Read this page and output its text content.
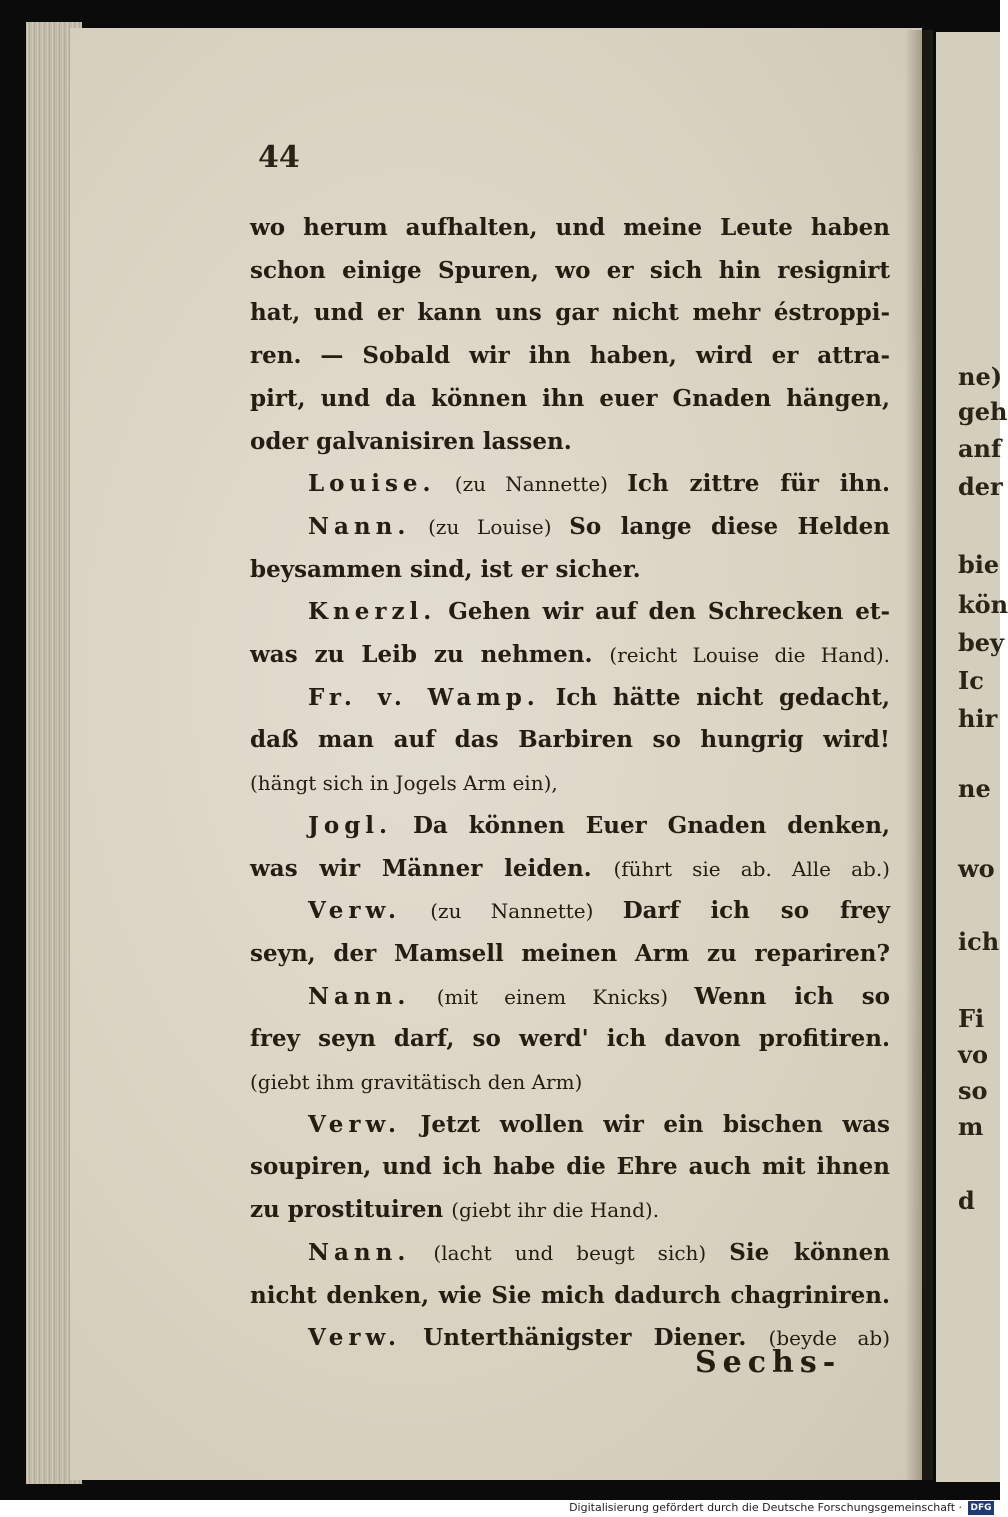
ne)
geh
anf
der
bie
kön
bey
Ic
hir
ne
wo
ich
Fi
vo
so
m
d
44
wo herum aufhalten, und meine Leute haben
schon einige Spuren, wo er sich hin resignirt
hat, und er kann uns gar nicht mehr éstroppi-
ren. — Sobald wir ihn haben, wird er attra-
pirt, und da können ihn euer Gnaden hängen,
oder galvanisiren lassen.
Louise. (zu Nannette) Ich zittre für ihn.
Nann. (zu Louise) So lange diese Helden
beysammen sind, ist er sicher.
Knerzl. Gehen wir auf den Schrecken et-
was zu Leib zu nehmen. (reicht Louise die Hand).
Fr. v. Wamp. Ich hätte nicht gedacht,
daß man auf das Barbiren so hungrig wird!
(hängt sich in Jogels Arm ein),
Jogl. Da können Euer Gnaden denken,
was wir Männer leiden. (führt sie ab. Alle ab.)
Verw. (zu Nannette) Darf ich so frey
seyn, der Mamsell meinen Arm zu repariren?
Nann. (mit einem Knicks) Wenn ich so
frey seyn darf, so werd' ich davon profitiren.
(giebt ihm gravitätisch den Arm)
Verw. Jetzt wollen wir ein bischen was
soupiren, und ich habe die Ehre auch mit ihnen
zu prostituiren (giebt ihr die Hand).
Nann. (lacht und beugt sich) Sie können
nicht denken, wie Sie mich dadurch chagriniren.
Verw. Unterthänigster Diener. (beyde ab)
Sechs-
Digitalisierung gefördert durch die Deutsche Forschungsgemeinschaft · DFG
